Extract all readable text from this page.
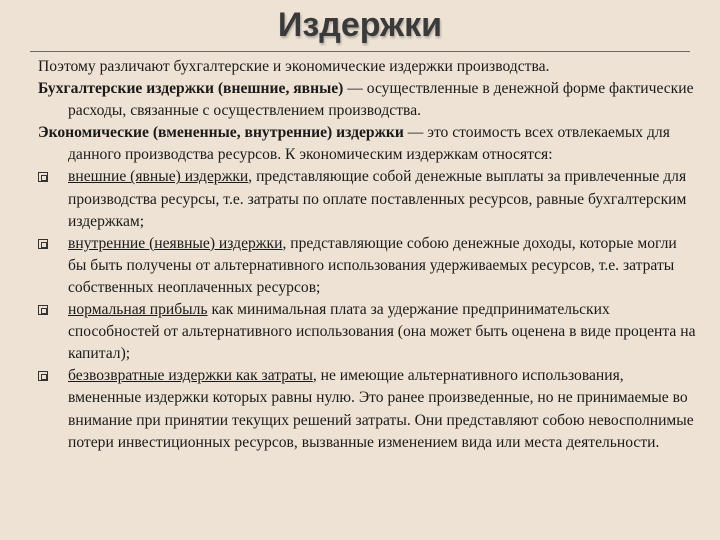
Издержки

Поэтому различают бухгалтерские и экономические издержки производства.

Бухгалтерские издержки (внешние, явные) — осуществленные в денежной форме фактические расходы, связанные с осуществлением производства.

Экономические (вмененные, внутренние) издержки — это стоимость всех отвлекаемых для данного производства ресурсов. К экономическим издержкам относятся:

внешние (явные) издержки, представляющие собой денежные выплаты за привлеченные для производства ресурсы, т.е. затраты по оплате поставленных ресурсов, равные бухгалтерским издержкам;
внутренние (неявные) издержки, представляющие собою денежные доходы, которые могли бы быть получены от альтернативного использования удерживаемых ресурсов, т.е. затраты собственных неоплаченных ресурсов;
нормальная прибыль как минимальная плата за удержание предпринимательских способностей от альтернативного использования (она может быть оценена в виде процента на капитал);
безвозвратные издержки как затраты, не имеющие альтернативного использования, вмененные издержки которых равны нулю. Это ранее произведенные, но не принимаемые во внимание при принятии текущих решений затраты. Они представляют собою невосполнимые потери инвестиционных ресурсов, вызванные изменением вида или места деятельности.
